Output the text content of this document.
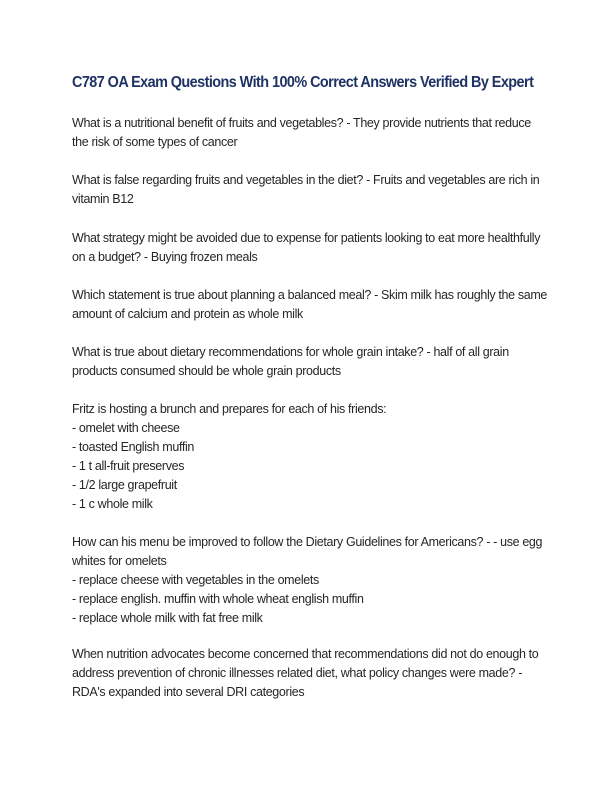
C787 OA Exam Questions With 100% Correct Answers Verified By Expert
What is a nutritional benefit of fruits and vegetables? - They provide nutrients that reduce
the risk of some types of cancer
What is false regarding fruits and vegetables in the diet? - Fruits and vegetables are rich in
vitamin B12
What strategy might be avoided due to expense for patients looking to eat more healthfully
on a budget? - Buying frozen meals
Which statement is true about planning a balanced meal? - Skim milk has roughly the same
amount of calcium and protein as whole milk
What is true about dietary recommendations for whole grain intake? - half of all grain
products consumed should be whole grain products
Fritz is hosting a brunch and prepares for each of his friends:
- omelet with cheese
- toasted English muffin
- 1 t all-fruit preserves
- 1/2 large grapefruit
- 1 c whole milk
How can his menu be improved to follow the Dietary Guidelines for Americans? - - use egg
whites for omelets
- replace cheese with vegetables in the omelets
- replace english. muffin with whole wheat english muffin
- replace whole milk with fat free milk
When nutrition advocates become concerned that recommendations did not do enough to
address prevention of chronic illnesses related diet, what policy changes were made? -
RDA's expanded into several DRI categories
